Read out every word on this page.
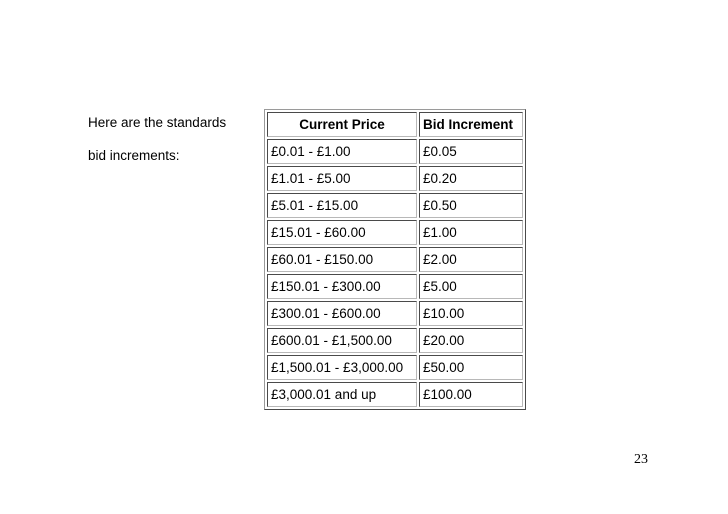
Here are the standards
bid increments:
Current Price	Bid Increment
£0.01 - £1.00	£0.05
£1.01 - £5.00	£0.20
£5.01 - £15.00	£0.50
£15.01 - £60.00	£1.00
£60.01 - £150.00	£2.00
£150.01 - £300.00	£5.00
£300.01 - £600.00	£10.00
£600.01 - £1,500.00	£20.00
£1,500.01 - £3,000.00	£50.00
£3,000.01 and up	£100.00
23
